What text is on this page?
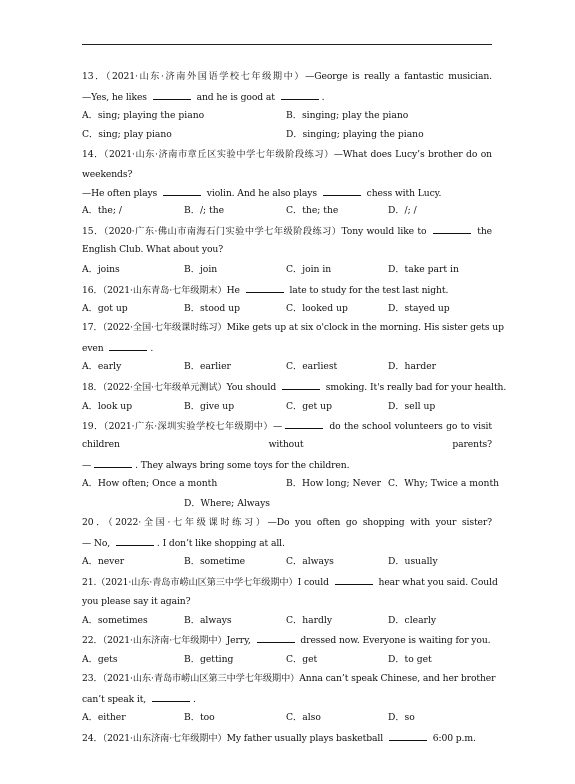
13．（2021·山东·济南外国语学校七年级期中）—George is really a fantastic musician.
—Yes, he likes	and he is good at	.
A．sing; playing the piano	B．singing; play the piano
C．sing; play piano	D．singing; playing the piano
14．（2021·山东·济南市章丘区实验中学七年级阶段练习）—What does Lucy’s brother do on
weekends?
—He often plays	violin. And he also plays	chess with Lucy.
A．the; /	B．/; the	C．the; the	D．/; /
15．（2020·广东·佛山市南海石门实验中学七年级阶段练习）Tony would like to	the
English Club. What about you?
A．joins	B．join	C．join in	D．take part in
16．（2021·山东青岛·七年级期末）He	late to study for the test last night.
A．got up	B．stood up	C．looked up	D．stayed up
17．（2022·全国·七年级课时练习）Mike gets up at six o'clock in the morning. His sister gets up
even	.
A．early	B．earlier	C．earliest	D．harder
18．（2022·全国·七年级单元测试）You should	smoking. It's really bad for your health.
A．look up	B．give up	C．get up	D．sell up
19．（2021·广东·深圳实验学校七年级期中）—	do the school volunteers go to visit
children without parents?
—	. They always bring some toys for the children.
A．How often; Once a month	B．How long; Never C．Why; Twice a month
D．Where; Always
20．（2022·全国·七年级课时练习）—Do you often go shopping with your sister?
— No,	. I don’t like shopping at all.
A．never	B．sometime	C．always	D．usually
21.（2021·山东·青岛市崂山区第三中学七年级期中）I could	hear what you said. Could
you please say it again?
A．sometimes	B．always	C．hardly	D．clearly
22．（2021·山东济南·七年级期中）Jerry,	dressed now. Everyone is waiting for you.
A．gets	B．getting	C．get	D．to get
23．（2021·山东·青岛市崂山区第三中学七年级期中）Anna can’t speak Chinese, and her brother
can’t speak it,	.
A．either	B．too	C．also	D．so
24．（2021·山东济南·七年级期中）My father usually plays basketball	6:00 p.m.
